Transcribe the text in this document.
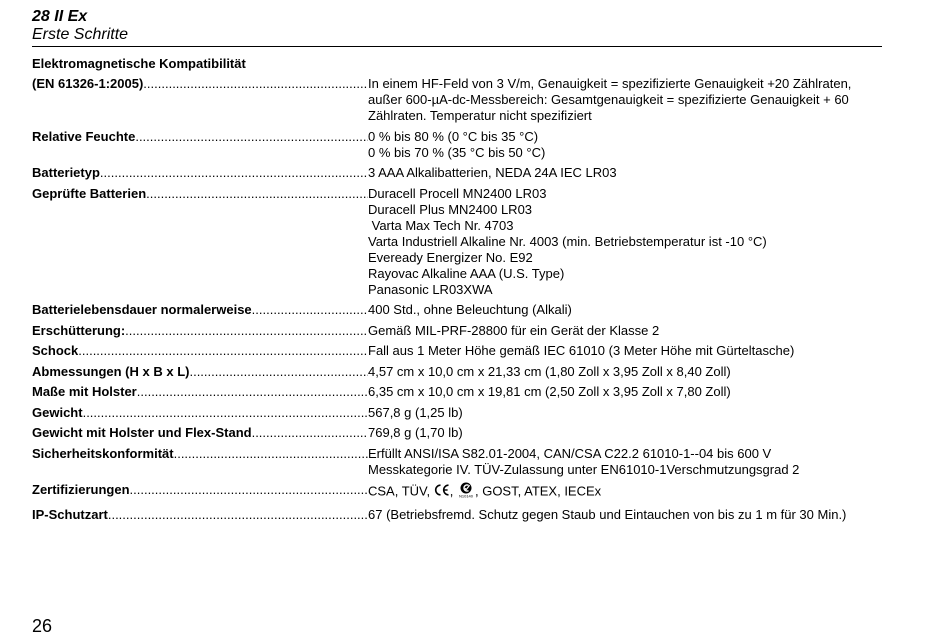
28 II Ex
Erste Schritte
Elektromagnetische Kompatibilität
(EN 61326-1:2005) .....	In einem HF-Feld von 3 V/m, Genauigkeit = spezifizierte Genauigkeit +20 Zählraten,
außer 600-µA-dc-Messbereich: Gesamtgenauigkeit = spezifizierte Genauigkeit + 60
Zählraten. Temperatur nicht spezifiziert
Relative Feuchte .....	0 % bis 80 % (0 °C bis 35 °C)
0 % bis 70 % (35 °C bis 50 °C)
Batterietyp .....	3 AAA Alkalibatterien, NEDA 24A IEC LR03
Geprüfte Batterien .....	Duracell Procell MN2400 LR03
Duracell Plus MN2400 LR03
Varta Max Tech Nr. 4703
Varta Industriell Alkaline Nr. 4003 (min. Betriebstemperatur ist -10 °C)
Eveready Energizer No. E92
Rayovac Alkaline AAA (U.S. Type)
Panasonic LR03XWA
Batterielebensdauer normalerweise .....	400 Std., ohne Beleuchtung (Alkali)
Erschütterung: .....	Gemäß MIL-PRF-28800 für ein Gerät der Klasse 2
Schock .....	Fall aus 1 Meter Höhe gemäß IEC 61010 (3 Meter Höhe mit Gürteltasche)
Abmessungen (H x B x L) .....	4,57 cm x 10,0 cm x 21,33 cm (1,80 Zoll x 3,95 Zoll x 8,40 Zoll)
Maße mit Holster .....	6,35 cm x 10,0 cm x 19,81 cm (2,50 Zoll x 3,95 Zoll x 7,80 Zoll)
Gewicht .....	567,8 g (1,25 lb)
Gewicht mit Holster und Flex-Stand .....	769,8 g (1,70 lb)
Sicherheitskonformität .....	Erfüllt ANSI/ISA S82.01-2004, CAN/CSA C22.2 61010-1--04 bis 600 V
Messkategorie IV. TÜV-Zulassung unter EN61010-1Verschmutzungsgrad 2
Zertifizierungen .....	CSA, TÜV, , N10140 , GOST, ATEX, IECEx
IP-Schutzart .....	67 (Betriebsfremd. Schutz gegen Staub und Eintauchen von bis zu 1 m für 30 Min.)
26
